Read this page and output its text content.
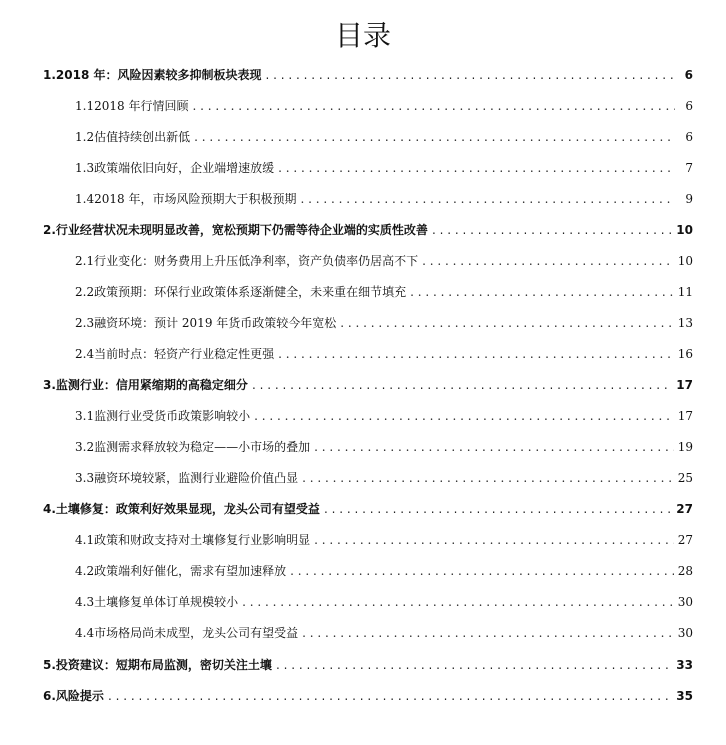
目录
1. 2018 年：风险因素较多抑制板块表现 . . .	6
1.1 2018 年行情回顾 . . .	6
1.2 估值持续创出新低 . . .	6
1.3 政策端依旧向好，企业端增速放缓 . . .	7
1.4 2018 年，市场风险预期大于积极预期 . . .	9
2. 行业经营状况未现明显改善，宽松预期下仍需等待企业端的实质性改善 . . .	10
2.1 行业变化：财务费用上升压低净利率，资产负债率仍居高不下 . . .	10
2.2 政策预期：环保行业政策体系逐渐健全，未来重在细节填充 . . .	11
2.3 融资环境：预计 2019 年货币政策较今年宽松 . . .	13
2.4 当前时点：轻资产行业稳定性更强 . . .	16
3. 监测行业：信用紧缩期的高稳定细分 . . .	17
3.1 监测行业受货币政策影响较小 . . .	17
3.2 监测需求释放较为稳定——小市场的叠加 . . .	19
3.3 融资环境较紧，监测行业避险价值凸显 . . .	25
4. 土壤修复：政策利好效果显现，龙头公司有望受益 . . .	27
4.1 政策和财政支持对土壤修复行业影响明显 . . .	27
4.2 政策端利好催化，需求有望加速释放 . . .	28
4.3 土壤修复单体订单规模较小 . . .	30
4.4 市场格局尚未成型，龙头公司有望受益 . . .	30
5. 投资建议：短期布局监测，密切关注土壤 . . .	33
6. 风险提示 . . .	35
